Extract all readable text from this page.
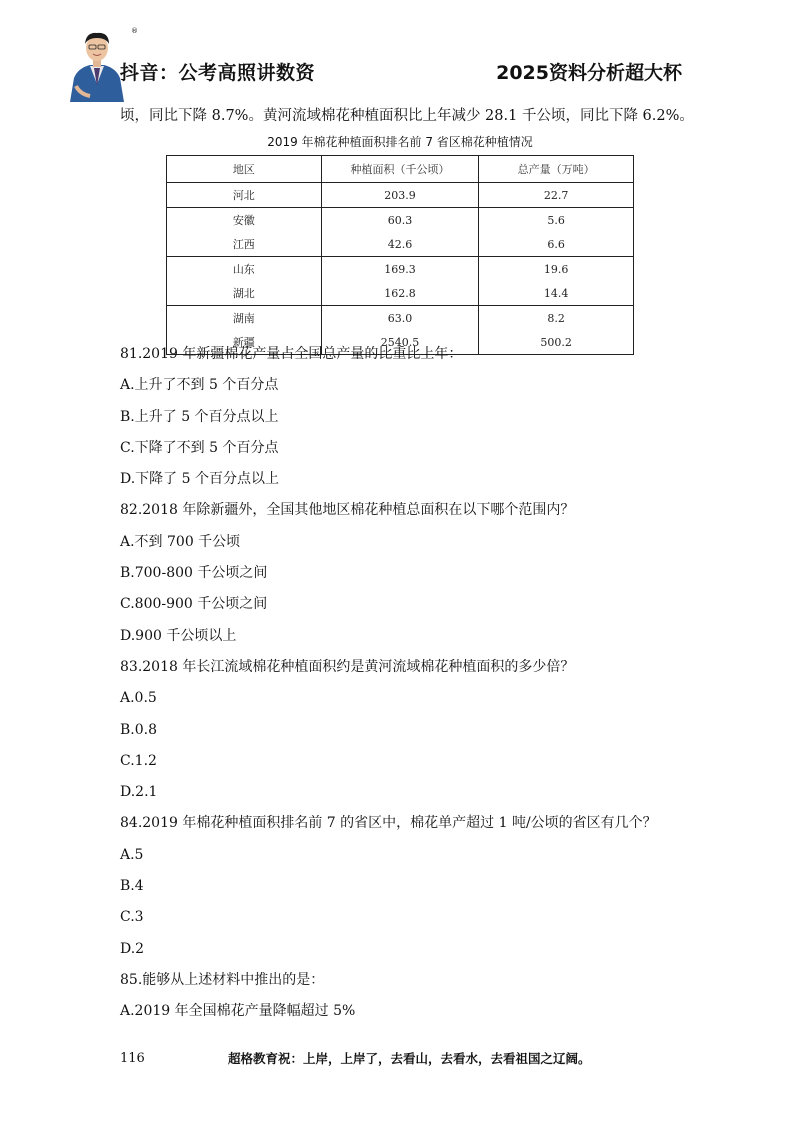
®
抖音：公考高照讲数资	2025资料分析超大杯
顷，同比下降 8.7%。黄河流域棉花种植面积比上年减少 28.1 千公顷，同比下降 6.2%。
2019 年棉花种植面积排名前 7 省区棉花种植情况
地区	种植面积（千公顷）	总产量（万吨）
河北	203.9	22.7
安徽	60.3	5.6
江西	42.6	6.6
山东	169.3	19.6
湖北	162.8	14.4
湖南	63.0	8.2
新疆	2540.5	500.2
81.2019 年新疆棉花产量占全国总产量的比重比上年：
A.上升了不到 5 个百分点
B.上升了 5 个百分点以上
C.下降了不到 5 个百分点
D.下降了 5 个百分点以上
82.2018 年除新疆外，全国其他地区棉花种植总面积在以下哪个范围内？
A.不到 700 千公顷
B.700-800 千公顷之间
C.800-900 千公顷之间
D.900 千公顷以上
83.2018 年长江流域棉花种植面积约是黄河流域棉花种植面积的多少倍？
A.0.5
B.0.8
C.1.2
D.2.1
84.2019 年棉花种植面积排名前 7 的省区中，棉花单产超过 1 吨/公顷的省区有几个？
A.5
B.4
C.3
D.2
85.能够从上述材料中推出的是：
A.2019 年全国棉花产量降幅超过 5%
116	超格教育祝：上岸，上岸了，去看山，去看水，去看祖国之辽阔。
